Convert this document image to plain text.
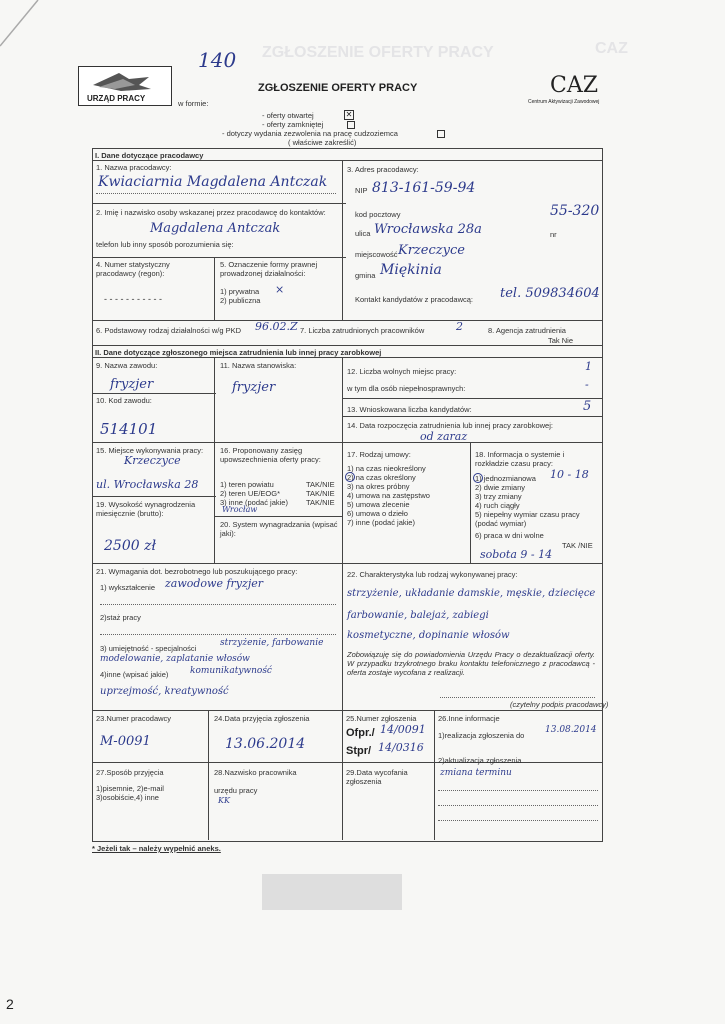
ZGŁOSZENIE OFERTY PRACY	CAZ
140
URZĄD PRACY
w formie:
ZGŁOSZENIE OFERTY PRACY	CAZ
Centrum Aktywizacji Zawodowej
- oferty otwartej	✕
- oferty zamkniętej
- dotyczy wydania zezwolenia na pracę cudzoziemca
( właściwe zakreślić)
I. Dane dotyczące pracodawcy
1. Nazwa pracodawcy:
Kwiaciarnia Magdalena Antczak
2. Imię i nazwisko osoby wskazanej przez pracodawcę do kontaktów:
Magdalena Antczak
telefon lub inny sposób porozumienia się:
3. Adres pracodawcy:
NIP 813-161-59-94
kod pocztowy	55-320
ulica Wrocławska 28a	nr
miejscowość Krzeczyce
gmina Miękinia
Kontakt kandydatów z pracodawcą: tel. 509834604
4. Numer statystyczny pracodawcy (regon):
- - - - - - - - - - -
5. Oznaczenie formy prawnej prowadzonej działalności:
1) prywatna ×
2) publiczna
6. Podstawowy rodzaj działalności w/g PKD 96.02.Z 7. Liczba zatrudnionych pracowników	2	8. Agencja zatrudnienia
Tak Nie
II. Dane dotyczące zgłoszonego miejsca zatrudnienia lub innej pracy zarobkowej
9. Nazwa zawodu:
fryzjer
10. Kod zawodu:
514101
11. Nazwa stanowiska:
fryzjer
12. Liczba wolnych miejsc pracy:	1
w tym dla osób niepełnosprawnych:	-
13. Wnioskowana liczba kandydatów:	5
14. Data rozpoczęcia zatrudnienia lub innej pracy zarobkowej:
od zaraz
15. Miejsce wykonywania pracy:
Krzeczyce
ul. Wrocławska 28
19. Wysokość wynagrodzenia miesięcznie (brutto):
2500 zł
16. Proponowany zasięg upowszechnienia oferty pracy:
1) teren powiatu	TAK/NIE
2) teren UE/EOG*	TAK/NIE
3) inne (podać jakie) TAK/NIE
Wrocław
20. System wynagradzania (wpisać jaki):
17. Rodzaj umowy:
1) na czas nieokreślony
2) na czas określony
3) na okres próbny
4) umowa na zastępstwo
5) umowa zlecenie
6) umowa o dzieło
7) inne (podać jakie)
18. Informacja o systemie i rozkładzie czasu pracy:
1) jednozmianowa 10 - 18
2) dwie zmiany
3) trzy zmiany
4) ruch ciągły
5) niepełny wymiar czasu pracy (podać wymiar)
6) praca w dni wolne
TAK /NIE
sobota 9 - 14
21. Wymagania dot. bezrobotnego lub poszukującego pracy:
1) wykształcenie zawodowe fryzjer
2)staż pracy
3) umiejętność - specjalności
strzyżenie, farbowanie
modelowanie, zaplatanie włosów
4)inne (wpisać jakie) komunikatywność
uprzejmość, kreatywność
22. Charakterystyka lub rodzaj wykonywanej pracy:
strzyżenie, układanie damskie, męskie, dziecięce
farbowanie, balejaż, zabiegi
kosmetyczne, dopinanie włosów
Zobowiązuję się do powiadomienia Urzędu Pracy o dezaktualizacji oferty. W przypadku trzykrotnego braku kontaktu telefonicznego z pracodawcą - oferta zostaje wycofana z realizacji.
(czytelny podpis pracodawcy)
23.Numer pracodawcy
M-0091
24.Data przyjęcia zgłoszenia
13.06.2014
25.Numer zgłoszenia
Ofpr./ 14/0091
Stpr/ 14/0316
26.Inne informacje
1)realizacja zgłoszenia do
13.08.2014
2)aktualizacja zgłoszenia
zmiana terminu
27.Sposób przyjęcia
1)pisemnie, 2)e-mail 3)osobiście,4) inne
28.Nazwisko pracownika
urzędu pracy
KK
29.Data wycofania zgłoszenia
* Jeżeli tak – należy wypełnić aneks.
2
